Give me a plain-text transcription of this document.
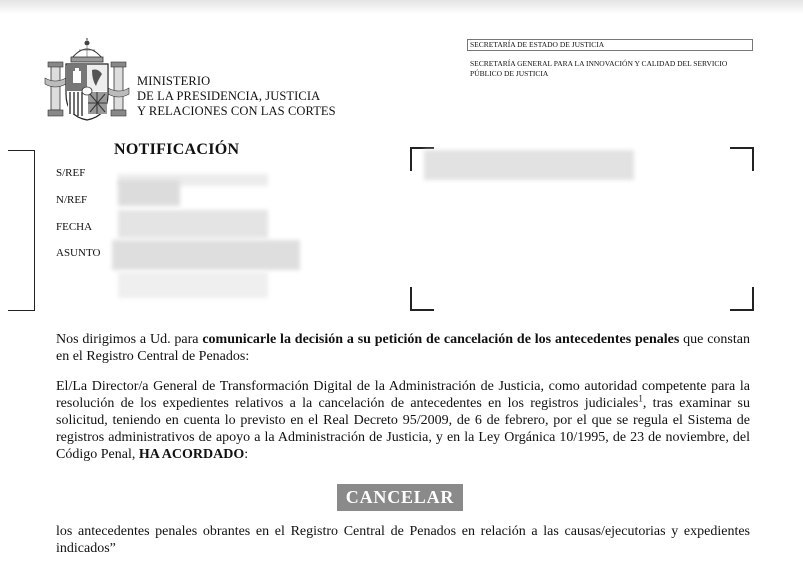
MINISTERIO
DE LA PRESIDENCIA, JUSTICIA
Y RELACIONES CON LAS CORTES
SECRETARÍA DE ESTADO DE JUSTICIA
SECRETARÍA GENERAL PARA LA INNOVACIÓN Y CALIDAD DEL SERVICIO PÚBLICO DE JUSTICIA
NOTIFICACIÓN
S/REF
N/REF
FECHA
ASUNTO
Nos dirigimos a Ud. para comunicarle la decisión a su petición de cancelación de los antecedentes penales que constan en el Registro Central de Penados:
El/La Director/a General de Transformación Digital de la Administración de Justicia, como autoridad competente para la resolución de los expedientes relativos a la cancelación de antecedentes en los registros judiciales$^1$, tras examinar su solicitud, teniendo en cuenta lo previsto en el Real Decreto 95/2009, de 6 de febrero, por el que se regula el Sistema de registros administrativos de apoyo a la Administración de Justicia, y en la Ley Orgánica 10/1995, de 23 de noviembre, del Código Penal, HA ACORDADO:
CANCELAR
los antecedentes penales obrantes en el Registro Central de Penados en relación a las causas/ejecutorias y expedientes indicados”
